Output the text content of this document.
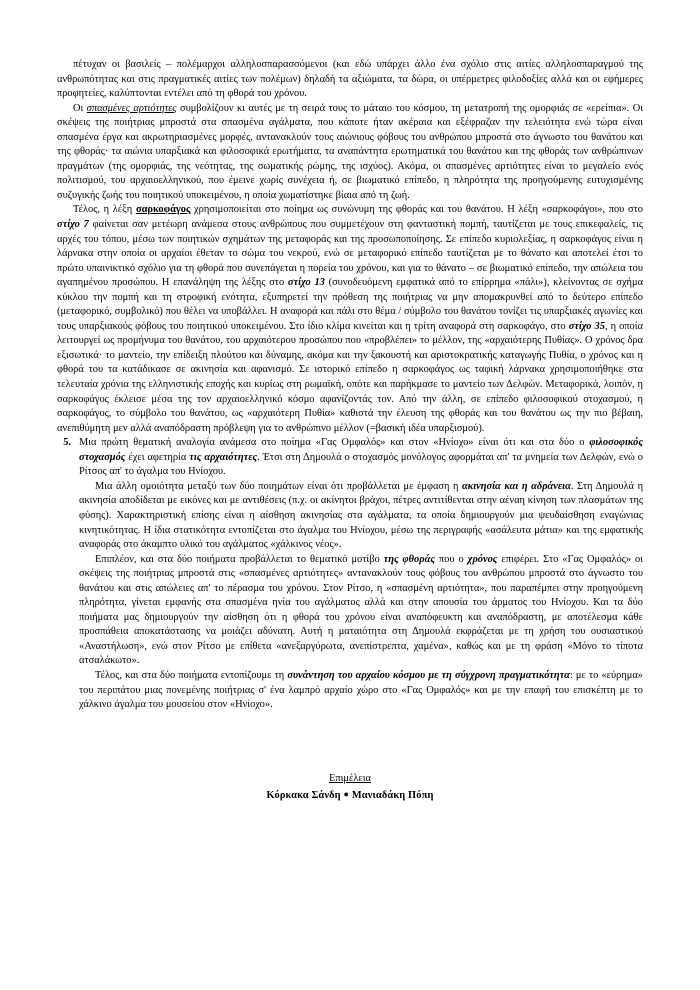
πέτυχαν οι βασιλείς – πολέμαρχοι αλληλοσπαρασσόμενοι (και εδώ υπάρχει άλλο ένα σχόλιο στις αιτίες αλληλοσπαραγμού της ανθρωπότητας και στις πραγματικές αιτίες των πολέμων) δηλαδή τα αξιώματα, τα δώρα, οι υπέρμετρες φιλοδοξίες αλλά και οι εφήμερες προφητείες, καλύπτονται εντέλει από τη φθορά του χρόνου.

Οι σπασμένες αρτιότητες συμβολίζουν κι αυτές με τη σειρά τους το μάταιο του κόσμου, τη μετατροπή της ομορφιάς σε «ερείπια». Οι σκέψεις της ποιήτριας μπροστά στα σπασμένα αγάλματα, που κάποτε ήταν ακέραια και εξέφραζαν την τελειότητα ενώ τώρα είναι σπασμένα έργα και ακρωτηριασμένες μορφές, αντανακλούν τους αιώνιους φόβους του ανθρώπου μπροστά στο άγνωστο του θανάτου και της φθοράς· τα αιώνια υπαρξιακά και φιλοσοφικά ερωτήματα, τα αναπάντητα ερωτηματικά του θανάτου και της φθοράς των ανθρώπινων πραγμάτων (της ομορφιάς, της νεότητας, της σωματικής ρώμης, της ισχύος). Ακόμα, οι σπασμένες αρτιότητες είναι το μεγαλείο ενός πολιτισμού, του αρχαιοελληνικού, που έμεινε χωρίς συνέχεια ή, σε βιωματικό επίπεδο, η πληρότητα της προηγούμενης ευτυχισμένης συζυγικής ζωής του ποιητικού υποκειμένου, η οποία χωματίστηκε βίαια από τη ζωή.

Τέλος, η λέξη σαρκοφάγος χρησιμοποιείται στο ποίημα ως συνώνυμη της φθοράς και του θανάτου. Η λέξη «σαρκοφάγοι», που στο στίχο 7 φαίνεται σαν μετέωρη ανάμεσα στους ανθρώπους που συμμετέχουν στη φανταστική πομπή, ταυτίζεται με τους επικεφαλείς, τις αρχές του τόπου, μέσω των ποιητικών σχημάτων της μεταφοράς και της προσωποποίησης. Σε επίπεδο κυριολεξίας, η σαρκοφάγος είναι η λάρνακα στην οποία οι αρχαίοι έθεταν το σώμα του νεκρού, ενώ σε μεταφορικό επίπεδο ταυτίζεται με το θάνατο και αποτελεί έτσι το πρώτο υπαινικτικό σχόλιο για τη φθορά που συνεπάγεται η πορεία του χρόνου, και για το θάνατο – σε βιωματικό επίπεδο, την απώλεια του αγαπημένου προσώπου. Η επανάληψη της λέξης στο στίχο 13 (συνοδευόμενη εμφατικά από το επίρρημα «πάλι»), κλείνοντας σε σχήμα κύκλου την πομπή και τη στροφική ενότητα, εξυπηρετεί την πρόθεση της ποιήτριας να μην απομακρυνθεί από το δεύτερο επίπεδο (μεταφορικό, συμβολικό) που θέλει να υποβάλλει. Η αναφορά και πάλι στο θέμα / σύμβολο του θανάτου τονίζει τις υπαρξιακές αγωνίες και τους υπαρξιακούς φόβους του ποιητικού υποκειμένου. Στο ίδιο κλίμα κινείται και η τρίτη αναφορά στη σαρκοφάγο, στο στίχο 35, η οποία λειτουργεί ως προμήνυμα του θανάτου, του αρχαιότερου προσώπου που «προβλέπει» το μέλλον, της «αρχαιότερης Πυθίας». Ο χρόνος δρα εξισωτικά· το μαντείο, την επίδειξη πλούτου και δύναμης, ακόμα και την ξακουστή και αριστοκρατικής καταγωγής Πυθία, ο χρόνος και η φθορά του τα κατάδικασε σε ακινησία και αφανισμό. Σε ιστορικό επίπεδο η σαρκοφάγος ως ταφική λάρνακα χρησιμοποιήθηκε στα τελευταία χρόνια της ελληνιστικής εποχής και κυρίως στη ρωμαϊκή, οπότε και παρήκμασε το μαντείο των Δελφών. Μεταφορικά, λοιπόν, η σαρκοφάγος έκλεισε μέσα της τον αρχαιοελληνικό κόσμο αφανίζοντάς τον. Από την άλλη, σε επίπεδο φιλοσοφικού στοχασμού, η σαρκοφάγος, το σύμβολο του θανάτου, ως «αρχαιότερη Πυθία» καθιστά την έλευση της φθοράς και του θανάτου ως την πιο βέβαιη, ανεπιθύμητη μεν αλλά αναπόδραστη πρόβλεψη για το ανθρώπινο μέλλον (=βασική ιδέα υπαρξισμού).

5. Μια πρώτη θεματική αναλογία ανάμεσα στο ποίημα «Γας Ομφαλός» και στον «Ηνίοχο» είναι ότι και στα δύο ο φιλοσοφικός στοχασμός έχει αφετηρία τις αρχαιότητες. Έτσι στη Δημουλά ο στοχασμός μονόλογος αφορμάται απ' τα μνημεία των Δελφών, ενώ ο Ρίτσος απ' το άγαλμα του Ηνίοχου.

Μια άλλη ομοιότητα μεταξύ των δύο ποιημάτων είναι ότι προβάλλεται με έμφαση η ακινησία και η αδράνεια. Στη Δημουλά η ακινησία αποδίδεται με εικόνες και με αντιθέσεις (π.χ. οι ακίνητοι βράχοι, πέτρες αντιτίθενται στην αέναη κίνηση των πλασμάτων της φύσης). Χαρακτηριστική επίσης είναι η αίσθηση ακινησίας στα αγάλματα, τα οποία δημιουργούν μια ψευδαίσθηση εναγώνιας κινητικότητας. Η ίδια στατικότητα εντοπίζεται στο άγαλμα του Ηνίοχου, μέσω της περιγραφής «ασάλευτα μάτια» και της εμφατικής αναφοράς στο άκαμπτο υλικό του αγάλματος «χάλκινος νέος».

Επιπλέον, και στα δύο ποιήματα προβάλλεται το θεματικό μοτίβο της φθοράς που ο χρόνος επιφέρει. Στο «Γας Ομφαλός» οι σκέψεις της ποιήτριας μπροστά στις «σπασμένες αρτιότητες» αντανακλούν τους φόβους του ανθρώπου μπροστά στο άγνωστο του θανάτου και στις απώλειες απ' το πέρασμα του χρόνου. Στον Ρίτσο, η «σπασμένη αρτιότητα», που παραπέμπει στην προηγούμενη πληρότητα, γίνεται εμφανής στα σπασμένα ηνία του αγάλματος αλλά και στην απουσία του άρματος του Ηνίοχου. Και τα δύο ποιήματα μας δημιουργούν την αίσθηση ότι η φθορά του χρόνου είναι αναπόφευκτη και αναπόδραστη, με αποτέλεσμα κάθε προσπάθεια αποκατάστασης να μοιάζει αδύνατη. Αυτή η ματαιότητα στη Δημουλά εκφράζεται με τη χρήση του ουσιαστικού «Αναστήλωση», ενώ στον Ρίτσο με επίθετα «ανεξαργύρωτα, ανεπίστρεπτα, χαμένα», καθώς και με τη φράση «Μόνο το τίποτα ατσαλάκωτο».

Τέλος, και στα δύο ποιήματα εντοπίζουμε τη συνάντηση του αρχαίου κόσμου με τη σύγχρονη πραγματικότητα: με το «εύρημα» του περιπάτου μιας πονεμένης ποιήτριας σ' ένα λαμπρό αρχαίο χώρο στο «Γας Ομφαλός» και με την επαφή του επισκέπτη με το χάλκινο άγαλμα του μουσείου στον «Ηνίοχο».

Επιμέλεια
Κόρκακα Σάνδη ● Μανιαδάκη Πόπη
